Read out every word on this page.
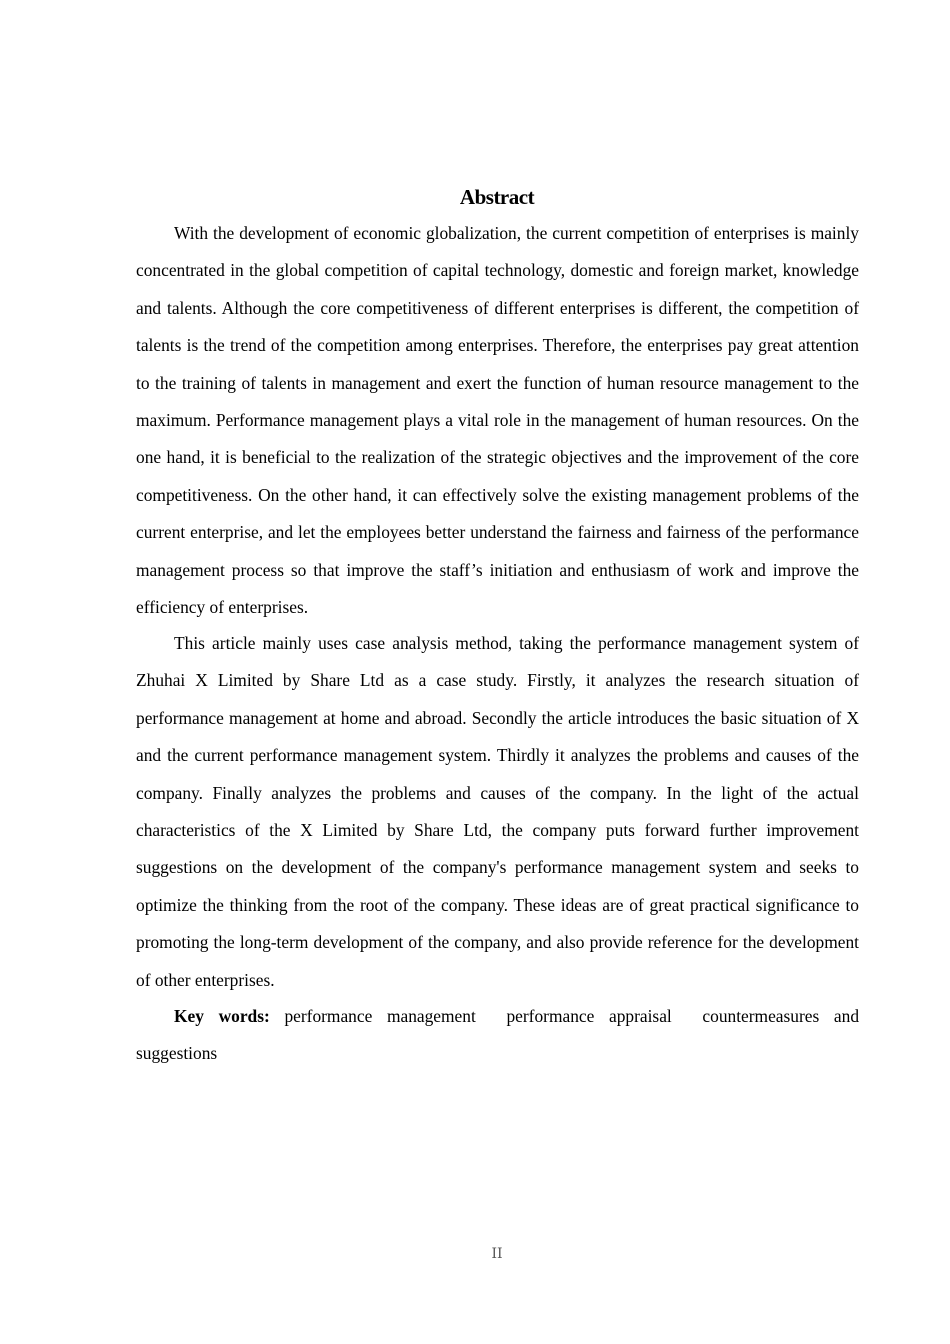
Abstract

With the development of economic globalization, the current competition of enterprises is mainly concentrated in the global competition of capital technology, domestic and foreign market, knowledge and talents. Although the core competitiveness of different enterprises is different, the competition of talents is the trend of the competition among enterprises. Therefore, the enterprises pay great attention to the training of talents in management and exert the function of human resource management to the maximum. Performance management plays a vital role in the management of human resources. On the one hand, it is beneficial to the realization of the strategic objectives and the improvement of the core competitiveness. On the other hand, it can effectively solve the existing management problems of the current enterprise, and let the employees better understand the fairness and fairness of the performance management process so that improve the staff’s initiation and enthusiasm of work and improve the efficiency of enterprises.

This article mainly uses case analysis method, taking the performance management system of Zhuhai X Limited by Share Ltd as a case study. Firstly, it analyzes the research situation of performance management at home and abroad. Secondly the article introduces the basic situation of X and the current performance management system. Thirdly it analyzes the problems and causes of the company. Finally analyzes the problems and causes of the company. In the light of the actual characteristics of the X Limited by Share Ltd, the company puts forward further improvement suggestions on the development of the company's performance management system and seeks to optimize the thinking from the root of the company. These ideas are of great practical significance to promoting the long-term development of the company, and also provide reference for the development of other enterprises.

Key words: performance management performance appraisal countermeasures and suggestions

II
